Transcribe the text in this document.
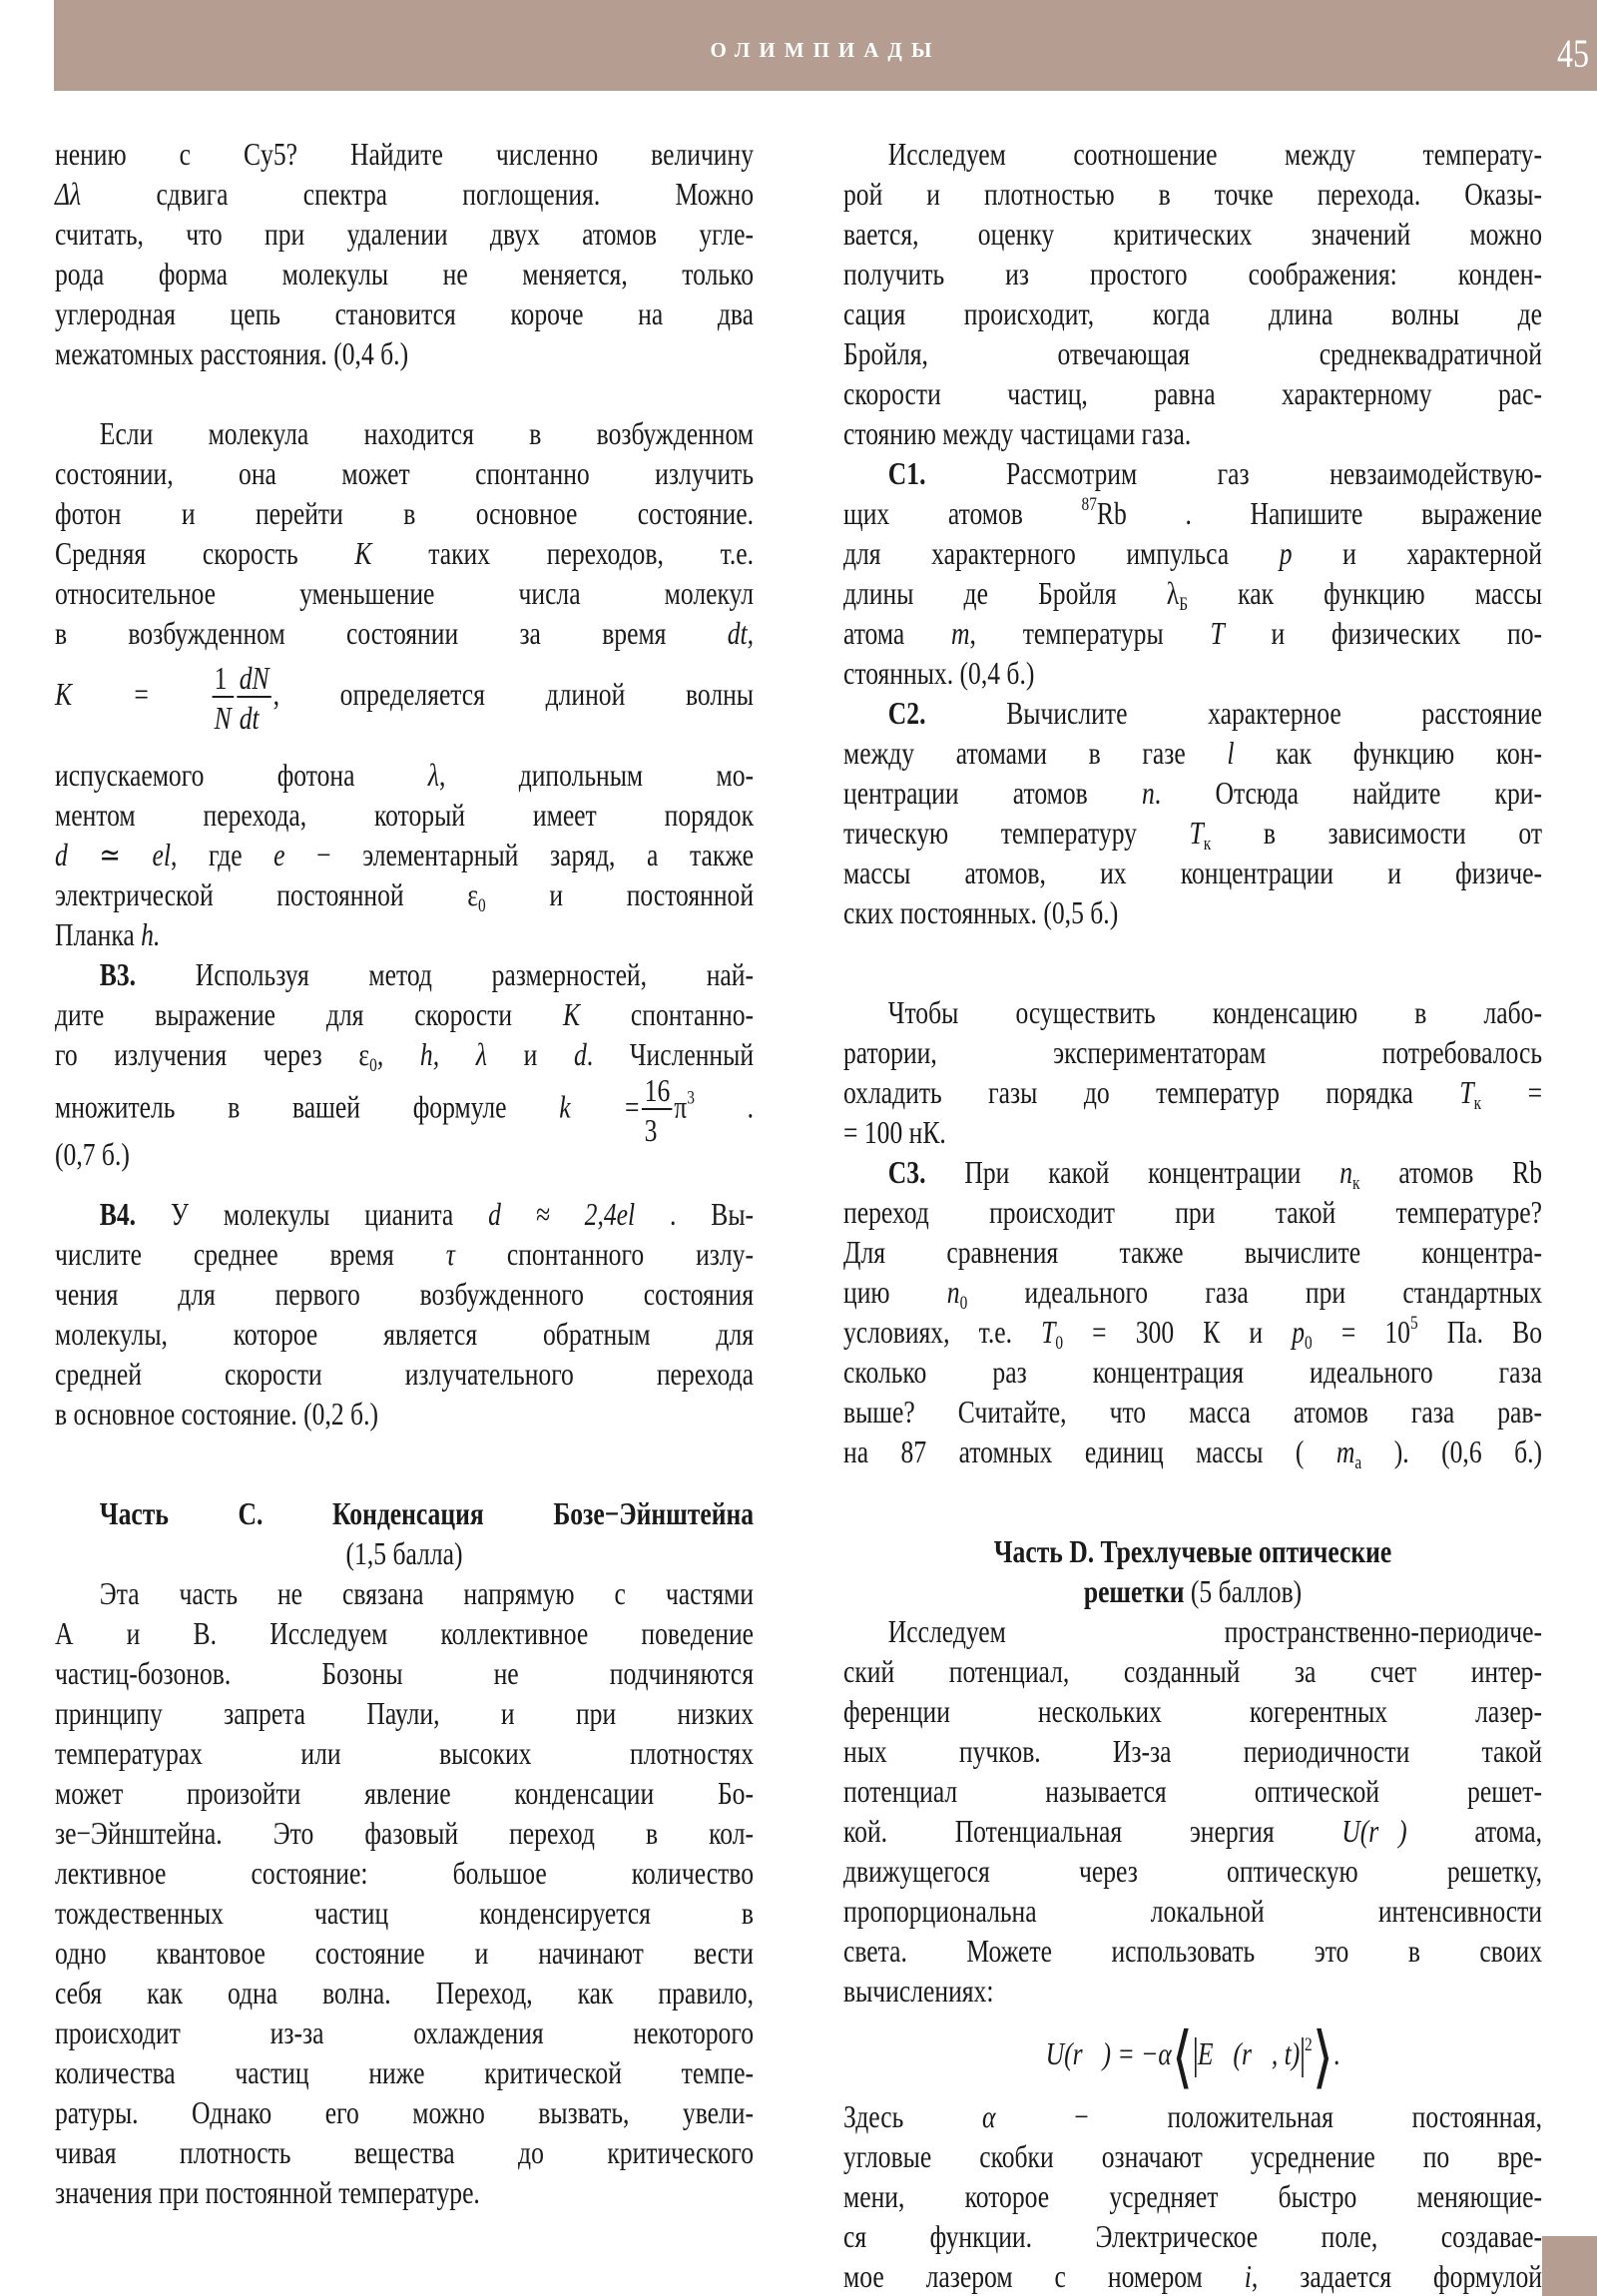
ОЛИМПИАДЫ	45
нению с Cy5? Найдите численно величину
Δλ сдвига спектра поглощения. Можно
считать, что при удалении двух атомов угле-
рода форма молекулы не меняется, только
углеродная цепь становится короче на два
межатомных расстояния. (0,4 б.)
Если молекула находится в возбужденном
состоянии, она может спонтанно излучить
фотон и перейти в основное состояние.
Средняя скорость K таких переходов, т.е.
относительное уменьшение числа молекул
в возбужденном состоянии за время dt,
$K = \frac{1}{N} \frac{dN}{dt}$ , определяется длиной волны
испускаемого фотона λ, дипольным мо-
ментом перехода, который имеет порядок
d ≃ el, где e − элементарный заряд, а также
электрической постоянной $\varepsilon_0$ и постоянной
Планка h.
B3. Используя метод размерностей, най-
дите выражение для скорости K спонтанно-
го излучения через $\varepsilon_0$, h, λ и d. Численный
множитель в вашей формуле $k = \frac{16}{3} \pi^3$ .
(0,7 б.)
B4. У молекулы цианита d ≈ 2,4el . Вы-
числите среднее время τ спонтанного излу-
чения для первого возбужденного состояния
молекулы, которое является обратным для
средней скорости излучательного перехода
в основное состояние. (0,2 б.)
Часть С. Конденсация Бозе−Эйнштейна
(1,5 балла)
Эта часть не связана напрямую с частями
А и В. Исследуем коллективное поведение
частиц-бозонов. Бозоны не подчиняются
принципу запрета Паули, и при низких
температурах или высоких плотностях
может произойти явление конденсации Бо-
зе−Эйнштейна. Это фазовый переход в кол-
лективное состояние: большое количество
тождественных частиц конденсируется в
одно квантовое состояние и начинают вести
себя как одна волна. Переход, как правило,
происходит из-за охлаждения некоторого
количества частиц ниже критической темпе-
ратуры. Однако его можно вызвать, увели-
чивая плотность вещества до критического
значения при постоянной температуре.
Исследуем соотношение между температу-
рой и плотностью в точке перехода. Оказы-
вается, оценку критических значений можно
получить из простого соображения: конден-
сация происходит, когда длина волны де
Бройля, отвечающая среднеквадратичной
скорости частиц, равна характерному рас-
стоянию между частицами газа.
C1.	Рассмотрим газ невзаимодействую-
щих атомов	$^{87}$Rb . Напишите выражение
для характерного импульса p и характерной
длины де Бройля $\lambda_Б$ как функцию массы
атома m, температуры T и физических по-
стоянных. (0,4 б.)
C2.	Вычислите характерное расстояние
между атомами в газе l как функцию кон-
центрации атомов n. Отсюда найдите кри-
тическую температуру $T_к$ в зависимости от
массы атомов, их концентрации и физиче-
ских постоянных. (0,5 б.)
Чтобы осуществить конденсацию в лабо-
ратории, экспериментаторам потребовалось
охладить газы до температур порядка $T_к$ =
= 100 нК.
C3. При какой концентрации $n_к$ атомов Rb
переход происходит при такой температуре?
Для сравнения также вычислите концентра-
цию $n_0$ идеального газа при стандартных
условиях, т.е. $T_0 = 300$ К и $p_0 = 10^5$ Па. Во
сколько раз концентрация идеального газа
выше? Считайте, что масса атомов газа рав-
на 87 атомных единиц массы ( $m_а$ ). (0,6 б.)
Часть D. Трехлучевые оптические
решетки (5 баллов)
Исследуем пространственно-периодиче-
ский потенциал, созданный за счет интер-
ференции нескольких когерентных лазер-
ных пучков. Из-за периодичности такой
потенциал называется оптической решет-
кой. Потенциальная энергия U(r⃗) атома,
движущегося через оптическую решетку,
пропорциональна локальной интенсивности
света. Можете использовать это в своих
вычислениях:
U(r⃗) = −α⟨ E⃗(r⃗, t) $^2$⟩.
Здесь α − положительная постоянная,
угловые скобки означают усреднение по вре-
мени, которое усредняет быстро меняющие-
ся функции. Электрическое поле, создавае-
мое лазером с номером i, задается формулой
